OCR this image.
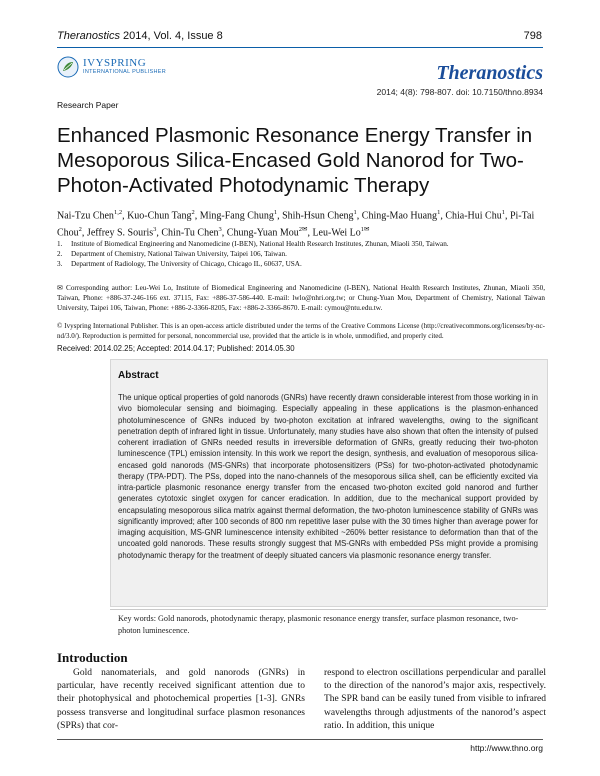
Theranostics 2014, Vol. 4, Issue 8	798
IVYSPRING
INTERNATIONAL PUBLISHER	Theranostics
2014; 4(8): 798-807. doi: 10.7150/thno.8934
Research Paper
Enhanced Plasmonic Resonance Energy Transfer in Mesoporous Silica-Encased Gold Nanorod for Two-Photon-Activated Photodynamic Therapy
Nai-Tzu Chen$^{1,2}$, Kuo-Chun Tang$^2$, Ming-Fang Chung$^1$, Shih-Hsun Cheng$^1$, Ching-Mao Huang$^1$, Chia-Hui Chu$^1$, Pi-Tai Chou$^2$, Jeffrey S. Souris$^3$, Chin-Tu Chen$^3$, Chung-Yuan Mou$^{2✉}$, Leu-Wei $Lo^{1✉}$
1.	Institute of Biomedical Engineering and Nanomedicine (I-BEN), National Health Research Institutes, Zhunan, Miaoli 350, Taiwan.
2.	Department of Chemistry, National Taiwan University, Taipei 106, Taiwan.
3.	Department of Radiology, The University of Chicago, Chicago IL, 60637, USA.
✉ Corresponding author: Leu-Wei Lo, Institute of Biomedical Engineering and Nanomedicine (I-BEN), National Health Research Institutes, Zhunan, Miaoli 350, Taiwan, Phone: +886-37-246-166 ext. 37115, Fax: +886-37-586-440. E-mail: lwlo@nhri.org.tw; or Chung-Yuan Mou, Department of Chemistry, National Taiwan University, Taipei 106, Taiwan, Phone: +886-2-3366-8205, Fax: +886-2-3366-8670. E-mail: cymou@ntu.edu.tw.
© Ivyspring International Publisher. This is an open-access article distributed under the terms of the Creative Commons License (http://creativecommons.org/licenses/by-nc-nd/3.0/). Reproduction is permitted for personal, noncommercial use, provided that the article is in whole, unmodified, and properly cited.
Received: 2014.02.25; Accepted: 2014.04.17; Published: 2014.05.30
Abstract
The unique optical properties of gold nanorods (GNRs) have recently drawn considerable interest from those working in in vivo biomolecular sensing and bioimaging. Especially appealing in these applications is the plasmon-enhanced photoluminescence of GNRs induced by two-photon excitation at infrared wavelengths, owing to the significant penetration depth of infrared light in tissue. Unfortunately, many studies have also shown that often the intensity of pulsed coherent irradiation of GNRs needed results in irreversible deformation of GNRs, greatly reducing their two-photon luminescence (TPL) emission intensity. In this work we report the design, synthesis, and evaluation of mesoporous silica-encased gold nanorods (MS-GNRs) that incorporate photosensitizers (PSs) for two-photon-activated photodynamic therapy (TPA-PDT). The PSs, doped into the nano-channels of the mesoporous silica shell, can be efficiently excited via intra-particle plasmonic resonance energy transfer from the encased two-photon excited gold nanorod and further generates cytotoxic singlet oxygen for cancer eradication. In addition, due to the mechanical support provided by encapsulating mesoporous silica matrix against thermal deformation, the two-photon luminescence stability of GNRs was significantly improved; after 100 seconds of 800 nm repetitive laser pulse with the 30 times higher than average power for imaging acquisition, MS-GNR luminescence intensity exhibited ~260% better resistance to deformation than that of the uncoated gold nanorods. These results strongly suggest that MS-GNRs with embedded PSs might provide a promising photodynamic therapy for the treatment of deeply situated cancers via plasmonic resonance energy transfer.
Key words: Gold nanorods, photodynamic therapy, plasmonic resonance energy transfer, surface plasmon resonance, two-photon luminescence.
Introduction
Gold nanomaterials, and gold nanorods (GNRs) in particular, have recently received significant attention due to their photophysical and photochemical properties [1-3]. GNRs possess transverse and longitudinal surface plasmon resonances (SPRs) that cor-
respond to electron oscillations perpendicular and parallel to the direction of the nanorod’s major axis, respectively. The SPR band can be easily tuned from visible to infrared wavelengths through adjustments of the nanorod’s aspect ratio. In addition, this unique
http://www.thno.org
